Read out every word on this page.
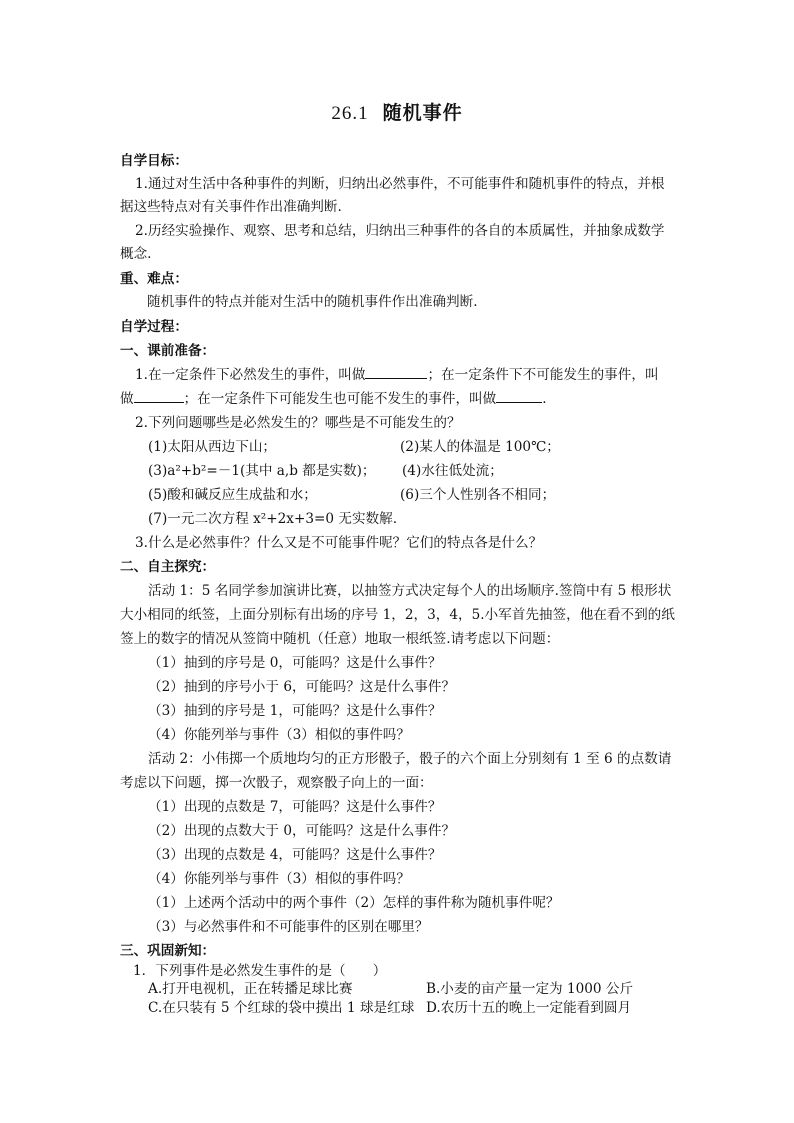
26.1 随机事件
自学目标：
1.通过对生活中各种事件的判断，归纳出必然事件，不可能事件和随机事件的特点，并根
据这些特点对有关事件作出准确判断.
2.历经实验操作、观察、思考和总结，归纳出三种事件的各自的本质属性，并抽象成数学
概念.
重、难点：
随机事件的特点并能对生活中的随机事件作出准确判断.
自学过程：
一、课前准备：
1.在一定条件下必然发生的事件，叫做	；在一定条件下不可能发生的事件，叫
做	；在一定条件下可能发生也可能不发生的事件，叫做	.
2.下列问题哪些是必然发生的？哪些是不可能发生的？
(1)太阳从西边下山；	(2)某人的体温是 100℃；
(3)a²+b²=－1(其中 a,b 都是实数)； (4)水往低处流；
(5)酸和碱反应生成盐和水；	(6)三个人性别各不相同；
(7)一元二次方程 x²+2x+3=0 无实数解.
3.什么是必然事件？什么又是不可能事件呢？它们的特点各是什么？
二、自主探究：
活动 1：5 名同学参加演讲比赛，以抽签方式决定每个人的出场顺序.签筒中有 5 根形状
大小相同的纸签，上面分别标有出场的序号 1，2，3，4，5.小军首先抽签，他在看不到的纸
签上的数字的情况从签筒中随机（任意）地取一根纸签.请考虑以下问题：
（1）抽到的序号是 0，可能吗？这是什么事件？
（2）抽到的序号小于 6，可能吗？这是什么事件？
（3）抽到的序号是 1，可能吗？这是什么事件？
（4）你能列举与事件（3）相似的事件吗？
活动 2：小伟掷一个质地均匀的正方形骰子，骰子的六个面上分别刻有 1 至 6 的点数请
考虑以下问题，掷一次骰子，观察骰子向上的一面：
（1）出现的点数是 7，可能吗？这是什么事件？
（2）出现的点数大于 0，可能吗？这是什么事件？
（3）出现的点数是 4，可能吗？这是什么事件？
（4）你能列举与事件（3）相似的事件吗？
（1）上述两个活动中的两个事件（2）怎样的事件称为随机事件呢？
（3）与必然事件和不可能事件的区别在哪里？
三、巩固新知：
1．下列事件是必然发生事件的是（　　）
A.打开电视机，正在转播足球比赛	B.小麦的亩产量一定为 1000 公斤
C.在只装有 5 个红球的袋中摸出 1 球是红球 D.农历十五的晚上一定能看到圆月
